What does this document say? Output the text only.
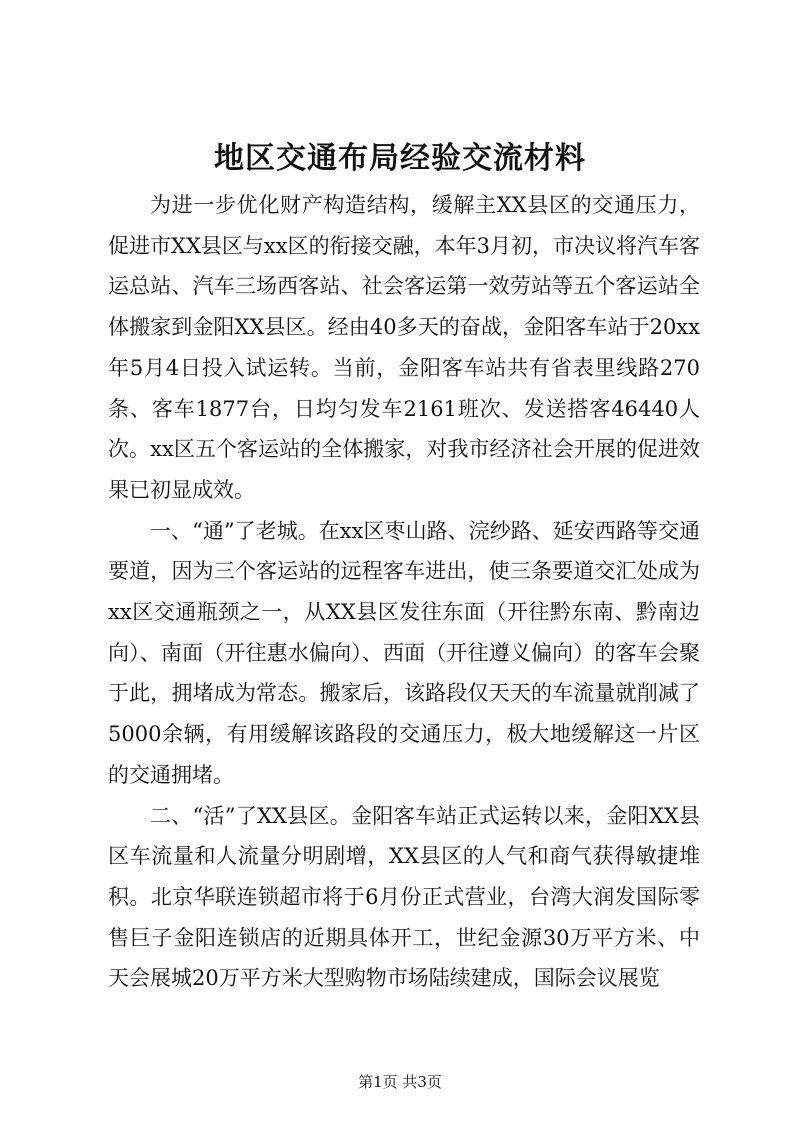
地区交通布局经验交流材料

为进一步优化财产构造结构，缓解主XX县区的交通压力，促进市XX县区与xx区的衔接交融，本年3月初，市决议将汽车客运总站、汽车三场西客站、社会客运第一效劳站等五个客运站全体搬家到金阳XX县区。经由40多天的奋战，金阳客车站于20xx年5月4日投入试运转。当前，金阳客车站共有省表里线路270条、客车1877台，日均匀发车2161班次、发送搭客46440人次。xx区五个客运站的全体搬家，对我市经济社会开展的促进效果已初显成效。

一、“通”了老城。在xx区枣山路、浣纱路、延安西路等交通要道，因为三个客运站的远程客车进出，使三条要道交汇处成为xx区交通瓶颈之一，从XX县区发往东面（开往黔东南、黔南边向）、南面（开往惠水偏向）、西面（开往遵义偏向）的客车会聚于此，拥堵成为常态。搬家后，该路段仅天天的车流量就削减了5000余辆，有用缓解该路段的交通压力，极大地缓解这一片区的交通拥堵。

二、“活”了XX县区。金阳客车站正式运转以来，金阳XX县区车流量和人流量分明剧增，XX县区的人气和商气获得敏捷堆积。北京华联连锁超市将于6月份正式营业，台湾大润发国际零售巨子金阳连锁店的近期具体开工，世纪金源30万平方米、中天会展城20万平方米大型购物市场陆续建成，国际会议展览

第1页 共3页
